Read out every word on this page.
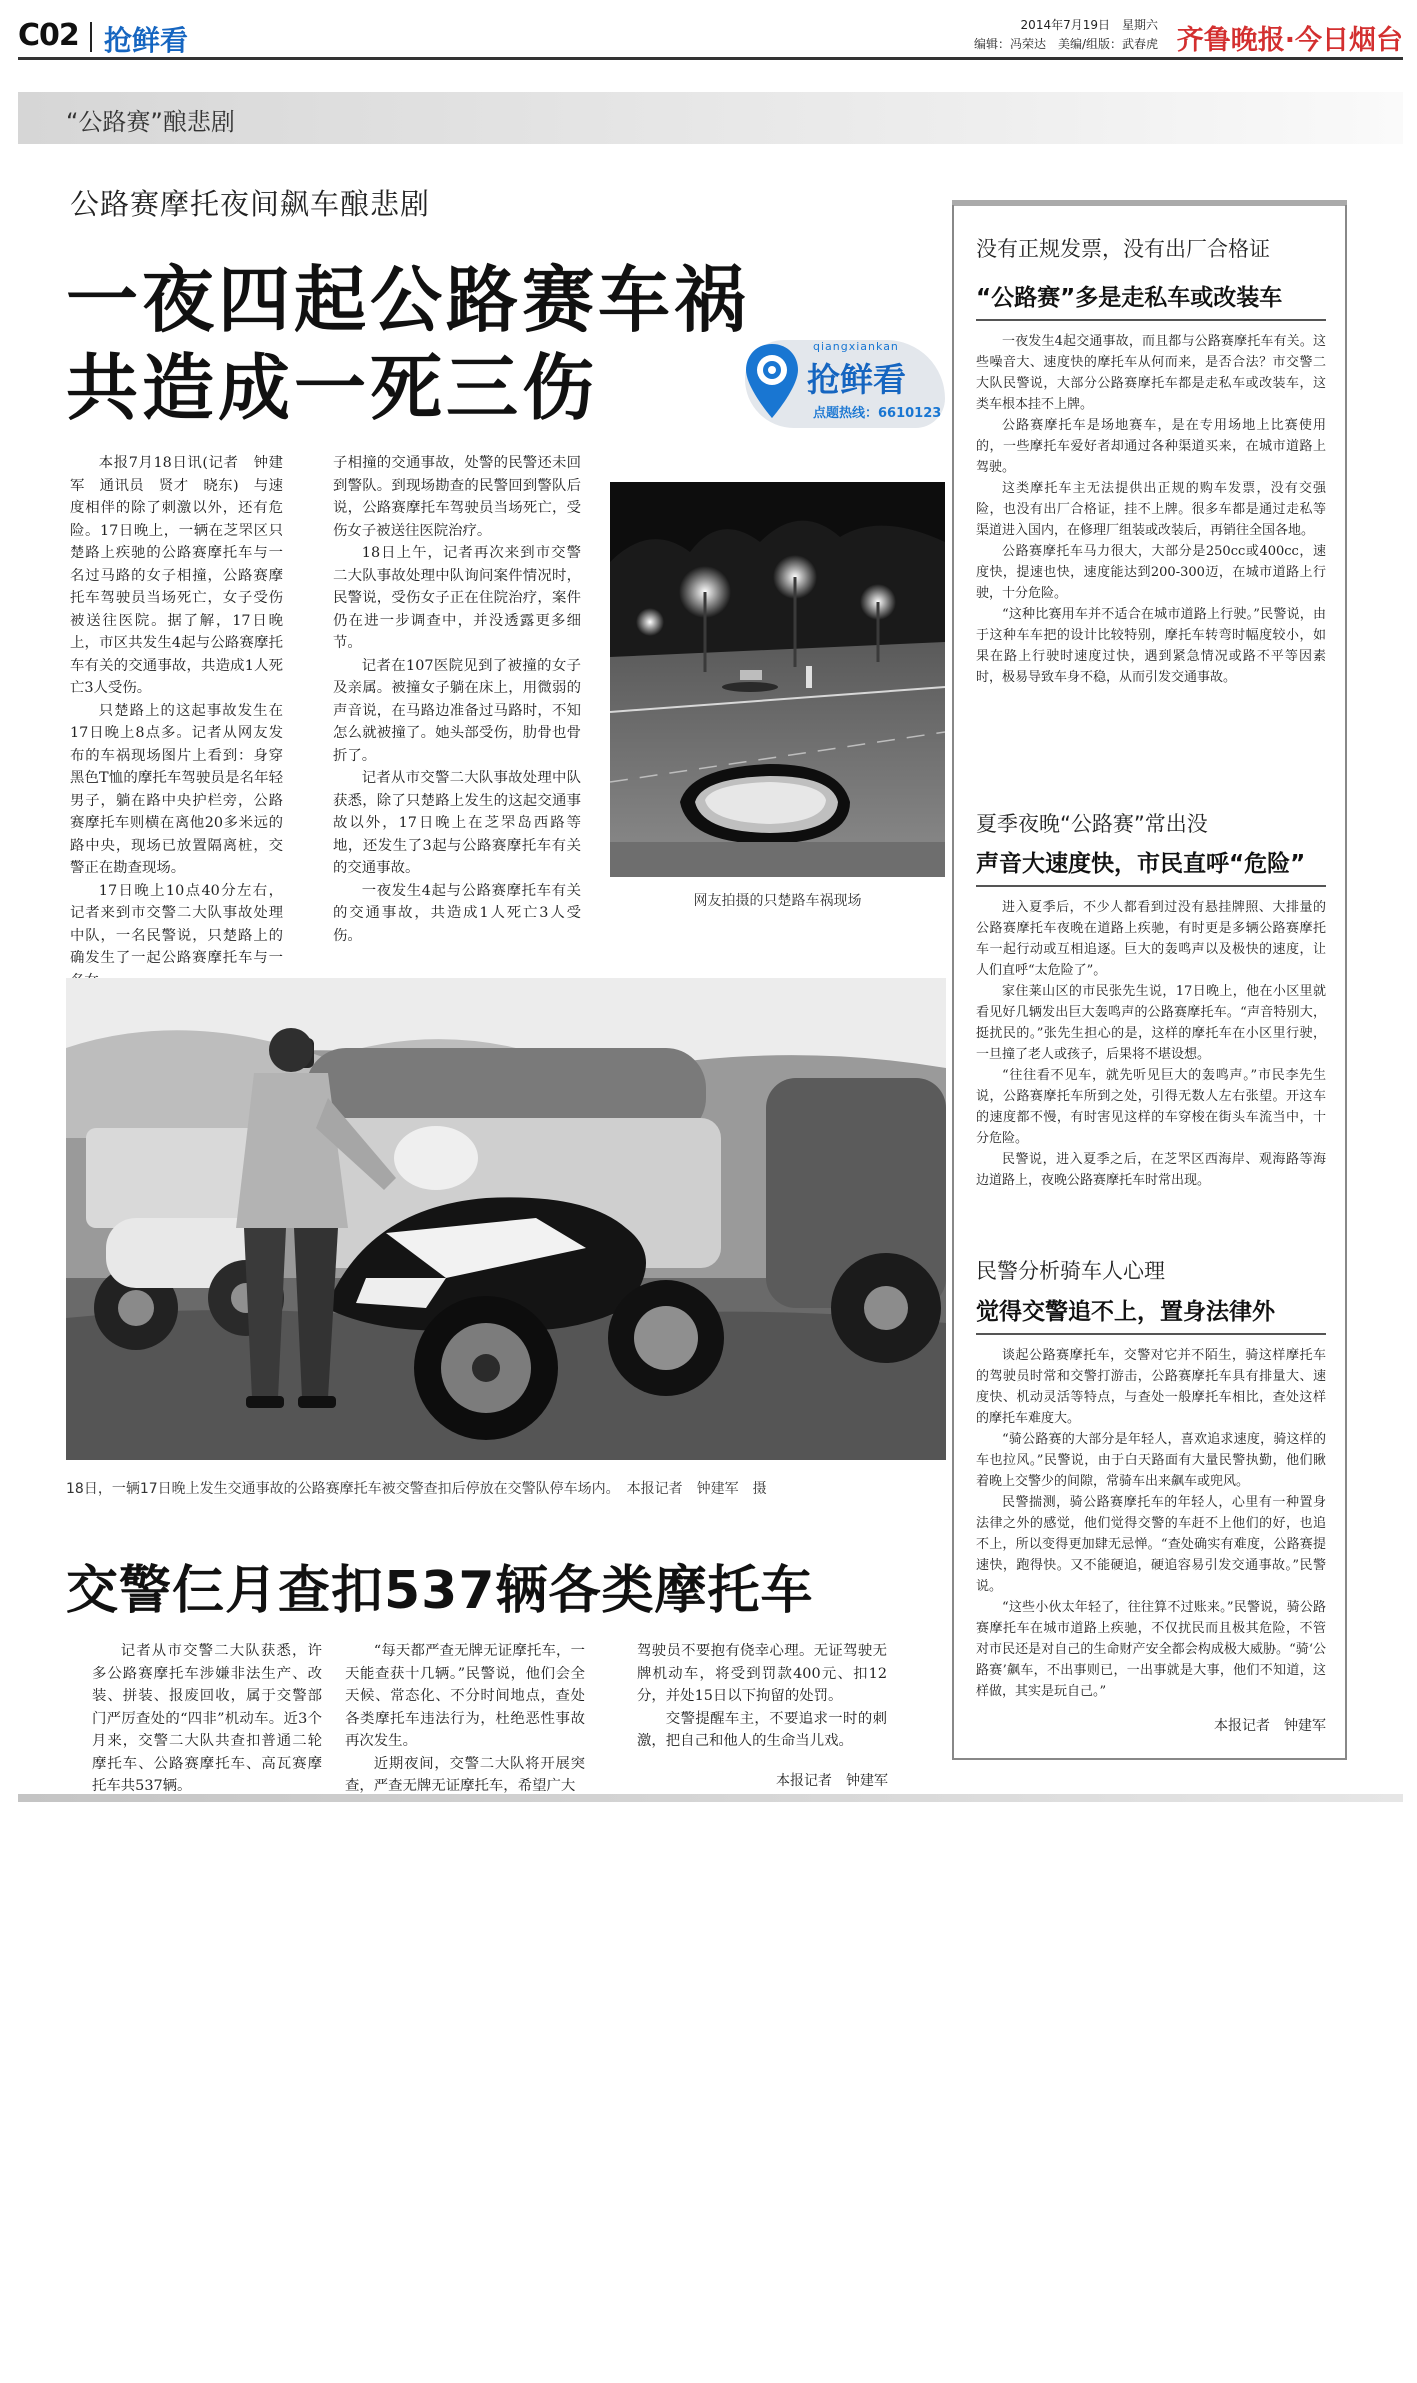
C02 抢鲜看	2014年7月19日　星期六
编辑：冯荣达　美编/组版：武春虎 齐鲁晚报·今日烟台
“公路赛”酿悲剧
公路赛摩托夜间飙车酿悲剧
一夜四起公路赛车祸
共造成一死三伤	qiangxiankan
抢鲜看
点题热线：6610123

本报7月18日讯(记者　钟建军　通讯员　贤才　晓东)　与速度相伴的除了刺激以外，还有危险。17日晚上，一辆在芝罘区只楚路上疾驰的公路赛摩托车与一名过马路的女子相撞，公路赛摩托车驾驶员当场死亡，女子受伤被送往医院。据了解，17日晚上，市区共发生4起与公路赛摩托车有关的交通事故，共造成1人死亡3人受伤。

只楚路上的这起事故发生在17日晚上8点多。记者从网友发布的车祸现场图片上看到：身穿黑色T恤的摩托车驾驶员是名年轻男子，躺在路中央护栏旁，公路赛摩托车则横在离他20多米远的路中央，现场已放置隔离桩，交警正在勘查现场。

17日晚上10点40分左右，记者来到市交警二大队事故处理中队，一名民警说，只楚路上的确发生了一起公路赛摩托车与一

子相撞的交通事故，处警的民警还未回到警队。到现场勘查的民警回到警队后说，公路赛摩托车驾驶员当场死亡，受伤女子被送往医院治疗。

18日上午，记者再次来到市交警二大队事故处理中队询问案件情况时，民警说，受伤女子正在住院治疗，案件仍在进一步调查中，并没透露更多细节。

记者在107医院见到了被撞的女子及亲属。被撞女子躺在床上，用微弱的声音说，在马路边准备过马路时，不知怎么就被撞了。她头部受伤，肋骨也骨折了。

记者从市交警二大队事故处理中队获悉，除了只楚路上发生的这起交通事故以外，17日晚上在芝罘岛西路等地，还发生了3起与公路赛摩托车有关的交通事故。

一夜发生4起与公路赛摩托车有关的交通事故，共造成1人死亡3人受伤。

网友拍摄的只楚路车祸现场
18日，一辆17日晚上发生交通事故的公路赛摩托车被交警查扣后停放在交警队停车场内。　本报记者　钟建军　摄
交警仨月查扣537辆各类摩托车

记者从市交警二大队获悉，许多公路赛摩托车涉嫌非法生产、改装、拼装、报废回收，属于交警部门严厉查处的“四非”机动车。近3个月来，交警二大队共查扣普通二轮摩托车、公路赛摩托车、高瓦赛摩托车共537辆。

“每天都严查无牌无证摩托车，一天能查获十几辆。”民警说，他们会全天候、常态化、不分时间地点，查处各类摩托车违法行为，杜绝恶性事故再次发生。

近期夜间，交警二大队将开展突查，严查无牌无证摩托车，希望广大

驾驶员不要抱有侥幸心理。无证驾驶无牌机动车，将受到罚款400元、扣12分，并处15日以下拘留的处罚。

交警提醒车主，不要追求一时的刺激，把自己和他人的生命当儿戏。

本报记者　钟建军
没有正规发票，没有出厂合格证
“公路赛”多是走私车或改装车

一夜发生4起交通事故，而且都与公路赛摩托车有关。这些噪音大、速度快的摩托车从何而来，是否合法？市交警二大队民警说，大部分公路赛摩托车都是走私车或改装车，这类车根本挂不上牌。

公路赛摩托车是场地赛车，是在专用场地上比赛使用的，一些摩托车爱好者却通过各种渠道买来，在城市道路上驾驶。

这类摩托车主无法提供出正规的购车发票，没有交强险，也没有出厂合格证，挂不上牌。很多车都是通过走私等渠道进入国内，在修理厂组装或改装后，再销往全国各地。

公路赛摩托车马力很大，大部分是250cc或400cc，速度快，提速也快，速度能达到200-300迈，在城市道路上行驶，十分危险。

“这种比赛用车并不适合在城市道路上行驶。”民警说，由于这种车车把的设计比较特别，摩托车转弯时幅度较小，如果在路上行驶时速度过快，遇到紧急情况或路不平等因素时，极易导致车身不稳，从而引发交通事故。

夏季夜晚“公路赛”常出没
声音大速度快，市民直呼“危险”

进入夏季后，不少人都看到过没有悬挂牌照、大排量的公路赛摩托车夜晚在道路上疾驰，有时更是多辆公路赛摩托车一起行动或互相追逐。巨大的轰鸣声以及极快的速度，让人们直呼“太危险了”。

家住莱山区的市民张先生说，17日晚上，他在小区里就看见好几辆发出巨大轰鸣声的公路赛摩托车。“声音特别大，挺扰民的。”张先生担心的是，这样的摩托车在小区里行驶，一旦撞了老人或孩子，后果将不堪设想。

“往往看不见车，就先听见巨大的轰鸣声。”市民李先生说，公路赛摩托车所到之处，引得无数人左右张望。开这车的速度都不慢，有时害见这样的车穿梭在街头车流当中，十分危险。

民警说，进入夏季之后，在芝罘区西海岸、观海路等海边道路上，夜晚公路赛摩托车时常出现。

民警分析骑车人心理
觉得交警追不上，置身法律外

谈起公路赛摩托车，交警对它并不陌生，骑这样摩托车的驾驶员时常和交警打游击，公路赛摩托车具有排量大、速度快、机动灵活等特点，与查处一般摩托车相比，查处这样的摩托车难度大。

“骑公路赛的大部分是年轻人，喜欢追求速度，骑这样的车也拉风。”民警说，由于白天路面有大量民警执勤，他们瞅着晚上交警少的间隙，常骑车出来飙车或兜风。

民警揣测，骑公路赛摩托车的年轻人，心里有一种置身法律之外的感觉，他们觉得交警的车赶不上他们的好，也追不上，所以变得更加肆无忌惮。“查处确实有难度，公路赛提速快，跑得快。又不能硬追，硬追容易引发交通事故。”民警说。

“这些小伙太年轻了，往往算不过账来。”民警说，骑公路赛摩托车在城市道路上疾驰，不仅扰民而且极其危险，不管对市民还是对自己的生命财产安全都会构成极大威胁。“骑‘公路赛’飙车，不出事则已，一出事就是大事，他们不知道，这样做，其实是玩自己。”

本报记者　钟建军
